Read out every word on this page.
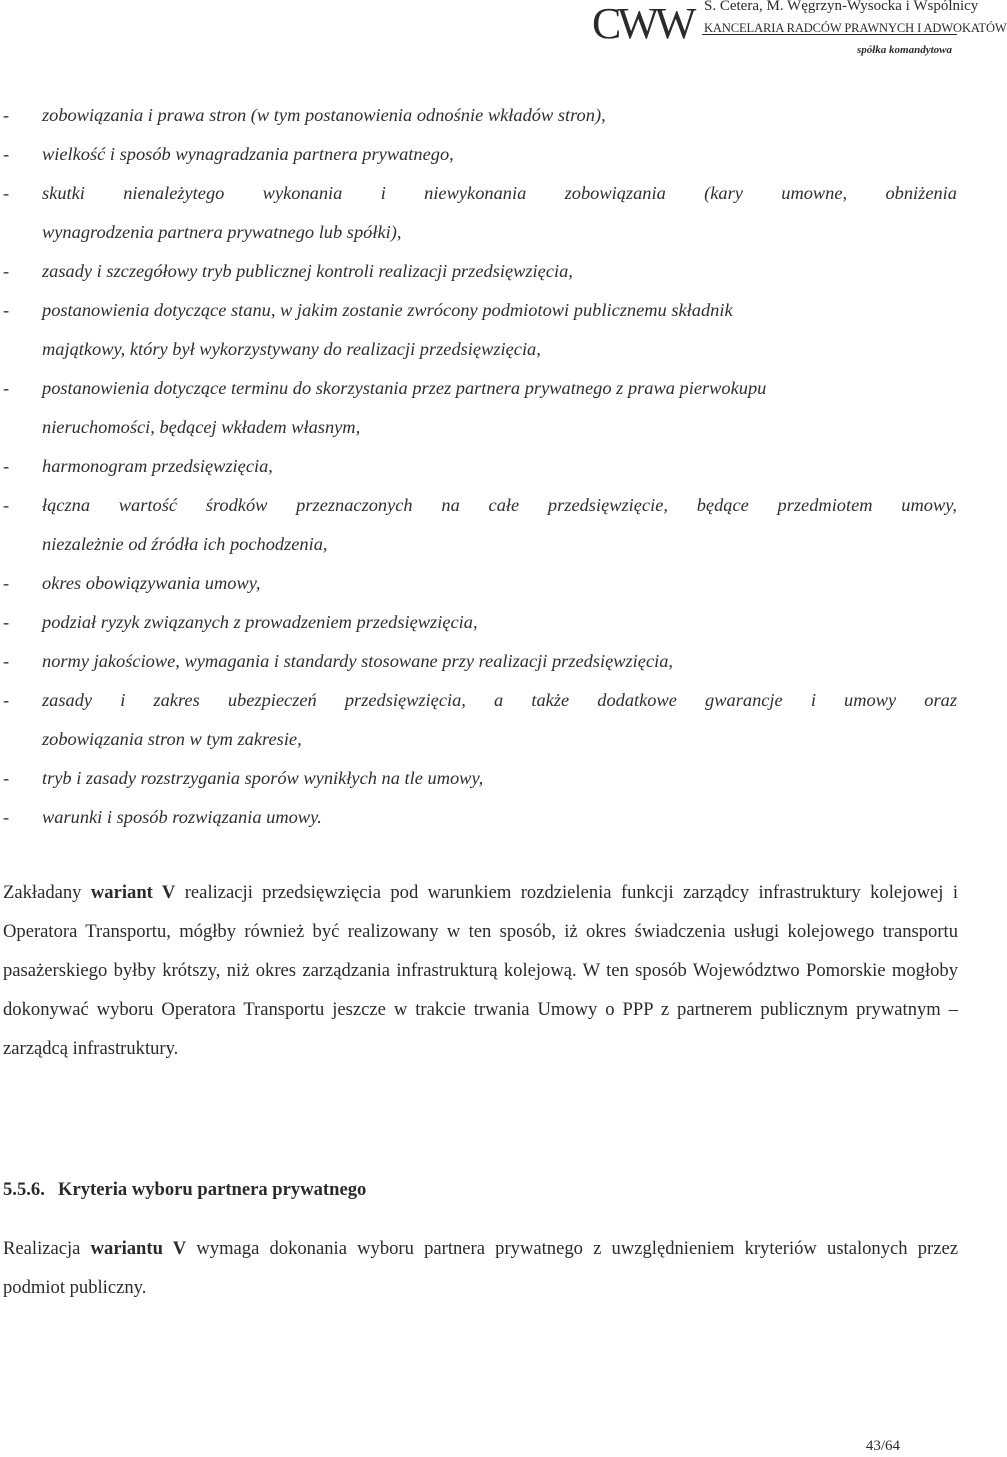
CWW S. Cetera, M. Węgrzyn-Wysocka i Wspólnicy
KANCELARIA RADCÓW PRAWNYCH I ADWOKATÓW
spółka komandytowa
- zobowiązania i prawa stron (w tym postanowienia odnośnie wkładów stron),
- wielkość i sposób wynagradzania partnera prywatnego,
- skutki nienależytego wykonania i niewykonania zobowiązania (kary umowne, obniżenia
wynagrodzenia partnera prywatnego lub spółki),
- zasady i szczegółowy tryb publicznej kontroli realizacji przedsięwzięcia,
- postanowienia dotyczące stanu, w jakim zostanie zwrócony podmiotowi publicznemu składnik
majątkowy, który był wykorzystywany do realizacji przedsięwzięcia,
- postanowienia dotyczące terminu do skorzystania przez partnera prywatnego z prawa pierwokupu
nieruchomości, będącej wkładem własnym,
- harmonogram przedsięwzięcia,
- łączna wartość środków przeznaczonych na całe przedsięwzięcie, będące przedmiotem umowy,
niezależnie od źródła ich pochodzenia,
- okres obowiązywania umowy,
- podział ryzyk związanych z prowadzeniem przedsięwzięcia,
- normy jakościowe, wymagania i standardy stosowane przy realizacji przedsięwzięcia,
- zasady i zakres ubezpieczeń przedsięwzięcia, a także dodatkowe gwarancje i umowy oraz
zobowiązania stron w tym zakresie,
- tryb i zasady rozstrzygania sporów wynikłych na tle umowy,
- warunki i sposób rozwiązania umowy.

Zakładany wariant V realizacji przedsięwzięcia pod warunkiem rozdzielenia funkcji zarządcy infrastruktury kolejowej i Operatora Transportu, mógłby również być realizowany w ten sposób, iż okres świadczenia usługi kolejowego transportu pasażerskiego byłby krótszy, niż okres zarządzania infrastrukturą kolejową. W ten sposób Województwo Pomorskie mogłoby dokonywać wyboru Operatora Transportu jeszcze w trakcie trwania Umowy o PPP z partnerem publicznym prywatnym – zarządcą infrastruktury.

5.5.6. Kryteria wyboru partnera prywatnego

Realizacja wariantu V wymaga dokonania wyboru partnera prywatnego z uwzględnieniem kryteriów ustalonych przez podmiot publiczny.

43/64
